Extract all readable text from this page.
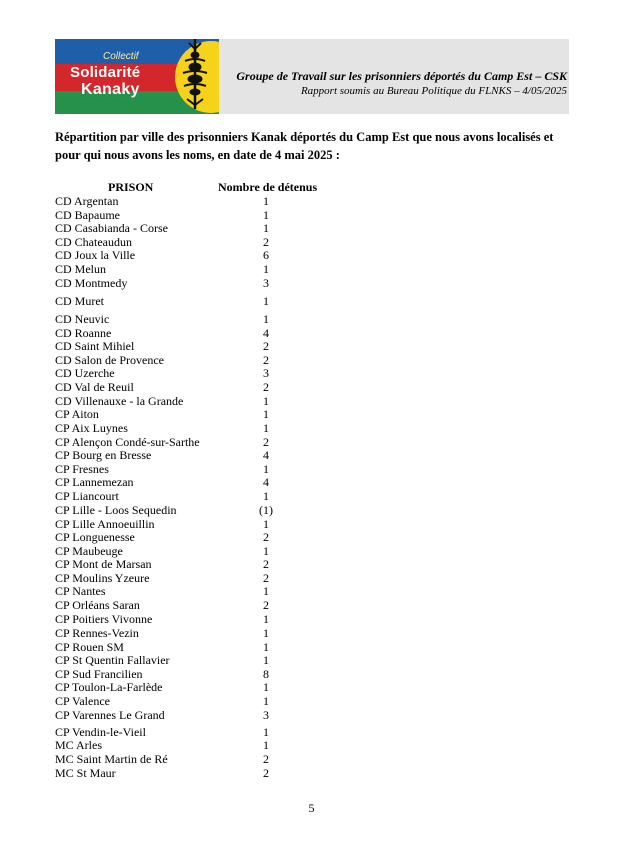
Collectif
Solidarité
Kanaky
Groupe de Travail sur les prisonniers déportés du Camp Est – CSK
Rapport soumis au Bureau Politique du FLNKS – 4/05/2025
Répartition par ville des prisonniers Kanak déportés du Camp Est que nous avons localisés et
pour qui nous avons les noms, en date de 4 mai 2025 :
PRISON	Nombre de détenus
CD Argentan	1
CD Bapaume	1
CD Casabianda - Corse	1
CD Chateaudun	2
CD Joux la Ville	6
CD Melun	1
CD Montmedy	3
CD Muret	1
CD Neuvic	1
CD Roanne	4
CD Saint Mihiel	2
CD Salon de Provence	2
CD Uzerche	3
CD Val de Reuil	2
CD Villenauxe - la Grande	1
CP Aiton	1
CP Aix Luynes	1
CP Alençon Condé-sur-Sarthe	2
CP Bourg en Bresse	4
CP Fresnes	1
CP Lannemezan	4
CP Liancourt	1
CP Lille - Loos Sequedin	(1)
CP Lille Annoeuillin	1
CP Longuenesse	2
CP Maubeuge	1
CP Mont de Marsan	2
CP Moulins Yzeure	2
CP Nantes	1
CP Orléans Saran	2
CP Poitiers Vivonne	1
CP Rennes-Vezin	1
CP Rouen SM	1
CP St Quentin Fallavier	1
CP Sud Francilien	8
CP Toulon-La-Farlède	1
CP Valence	1
CP Varennes Le Grand	3
CP Vendin-le-Vieil	1
MC Arles	1
MC Saint Martin de Ré	2
MC St Maur	2
5
